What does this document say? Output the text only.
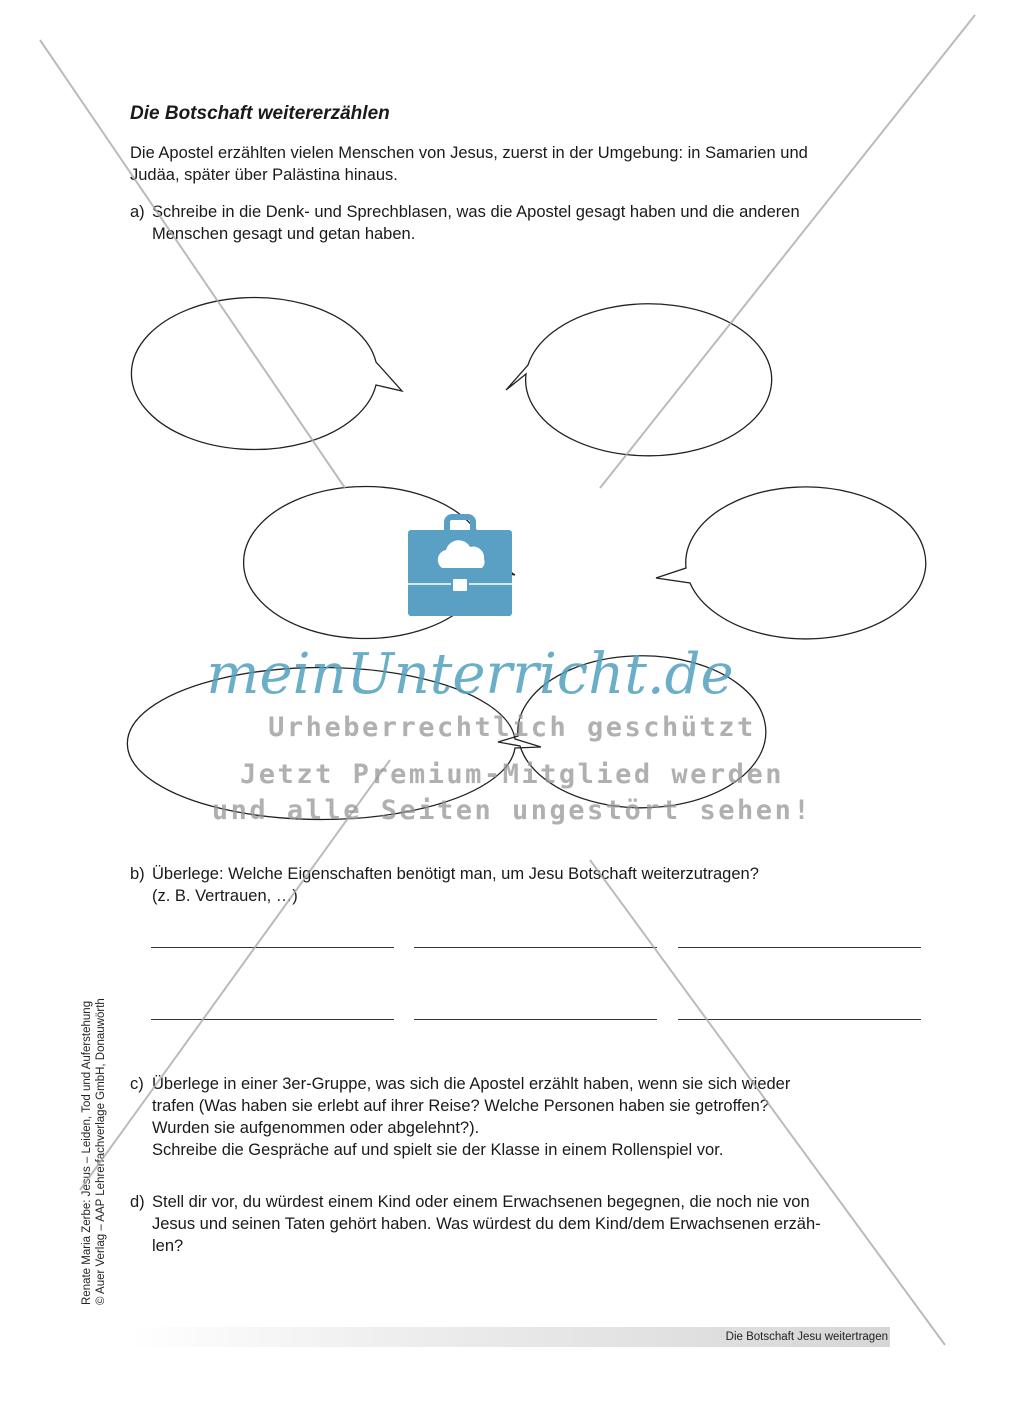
Die Botschaft weitererzählen
Die Apostel erzählten vielen Menschen von Jesus, zuerst in der Umgebung: in Samarien und
Judäa, später über Palästina hinaus.
a) Schreibe in die Denk- und Sprechblasen, was die Apostel gesagt haben und die anderen
Menschen gesagt und getan haben.
b) Überlege: Welche Eigenschaften benötigt man, um Jesu Botschaft weiterzutragen?
(z. B. Vertrauen, …)
c) Überlege in einer 3er-Gruppe, was sich die Apostel erzählt haben, wenn sie sich wieder
trafen (Was haben sie erlebt auf ihrer Reise? Welche Personen haben sie getroffen?
Wurden sie aufgenommen oder abgelehnt?).
Schreibe die Gespräche auf und spielt sie der Klasse in einem Rollenspiel vor.
d) Stell dir vor, du würdest einem Kind oder einem Erwachsenen begegnen, die noch nie von
Jesus und seinen Taten gehört haben. Was würdest du dem Kind/dem Erwachsenen erzäh-
len?
Renate Maria Zerbe: Jesus – Leiden, Tod und Auferstehung © Auer Verlag – AAP Lehrerfachverlage GmbH, Donauwörth
Die Botschaft Jesu weitertragen
meinUnterricht.de
Urheberrechtlich geschützt
Jetzt Premium-Mitglied werden
und alle Seiten ungestört sehen!
